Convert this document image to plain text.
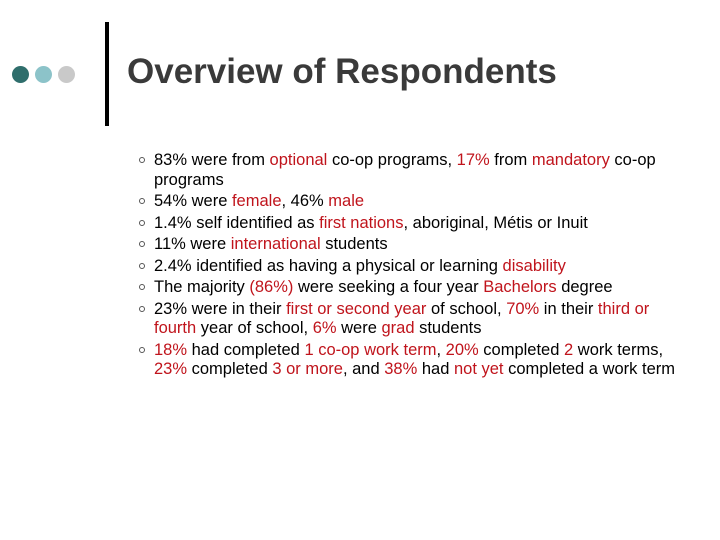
Overview of Respondents
83% were from optional co-op programs, 17% from mandatory co-op programs
54% were female, 46% male
1.4% self identified as first nations, aboriginal, Métis or Inuit
11% were international students
2.4% identified as having a physical or learning disability
The majority (86%) were seeking a four year Bachelors degree
23% were in their first or second year of school, 70% in their third or fourth year of school, 6% were grad students
18% had completed 1 co-op work term, 20% completed 2 work terms, 23% completed 3 or more, and 38% had not yet completed a work term
